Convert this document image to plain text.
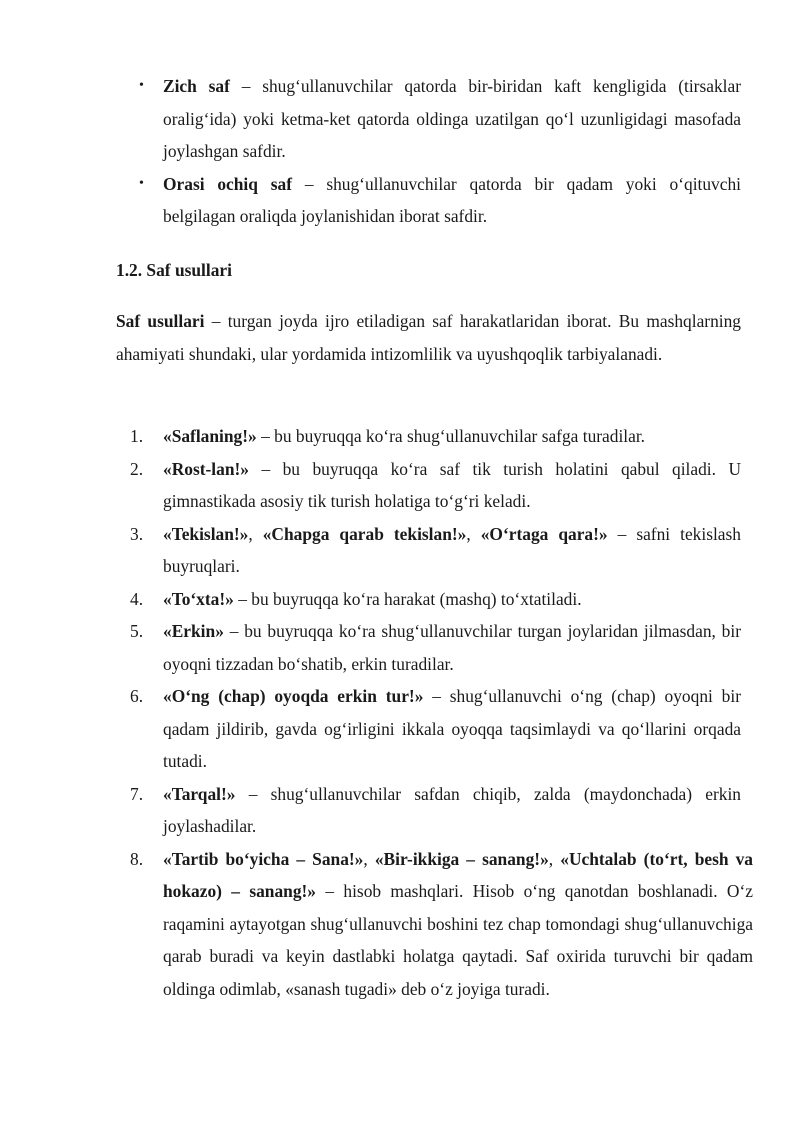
• Zich saf – shug‘ullanuvchilar qatorda bir-biridan kaft kengligida (tirsaklar oralig‘ida) yoki ketma-ket qatorda oldinga uzatilgan qo‘l uzunligidagi masofada joylashgan safdir.
• Orasi ochiq saf – shug‘ullanuvchilar qatorda bir qadam yoki o‘qituvchi belgilagan oraliqda joylanishidan iborat safdir.
1.2. Saf usullari

Saf usullari – turgan joyda ijro etiladigan saf harakatlaridan iborat. Bu mashqlarning ahamiyati shundaki, ular yordamida intizomlilik va uyushqoqlik tarbiyalanadi.

1. «Saflaning!» – bu buyruqqa ko‘ra shug‘ullanuvchilar safga turadilar.
2. «Rost-lan!» – bu buyruqqa ko‘ra saf tik turish holatini qabul qiladi. U gimnastikada asosiy tik turish holatiga to‘g‘ri keladi.
3. «Tekislan!», «Chapga qarab tekislan!», «O‘rtaga qara!» – safni tekislash buyruqlari.
4. «To‘xta!» – bu buyruqqa ko‘ra harakat (mashq) to‘xtatiladi.
5. «Erkin» – bu buyruqqa ko‘ra shug‘ullanuvchilar turgan joylaridan jilmasdan, bir oyoqni tizzadan bo‘shatib, erkin turadilar.
6. «O‘ng (chap) oyoqda erkin tur!» – shug‘ullanuvchi o‘ng (chap) oyoqni bir qadam jildirib, gavda og‘irligini ikkala oyoqqa taqsimlaydi va qo‘llarini orqada tutadi.
7. «Tarqal!» – shug‘ullanuvchilar safdan chiqib, zalda (maydonchada) erkin joylashadilar.
8. «Tartib bo‘yicha – Sana!», «Bir-ikkiga – sanang!», «Uchtalab (to‘rt, besh va hokazo) – sanang!» – hisob mashqlari. Hisob o‘ng qanotdan boshlanadi. O‘z raqamini aytayotgan shug‘ullanuvchi boshini tez chap tomondagi shug‘ullanuvchiga qarab buradi va keyin dastlabki holatga qaytadi. Saf oxirida turuvchi bir qadam oldinga odimlab, «sanash tugadi» deb o‘z joyiga turadi.
